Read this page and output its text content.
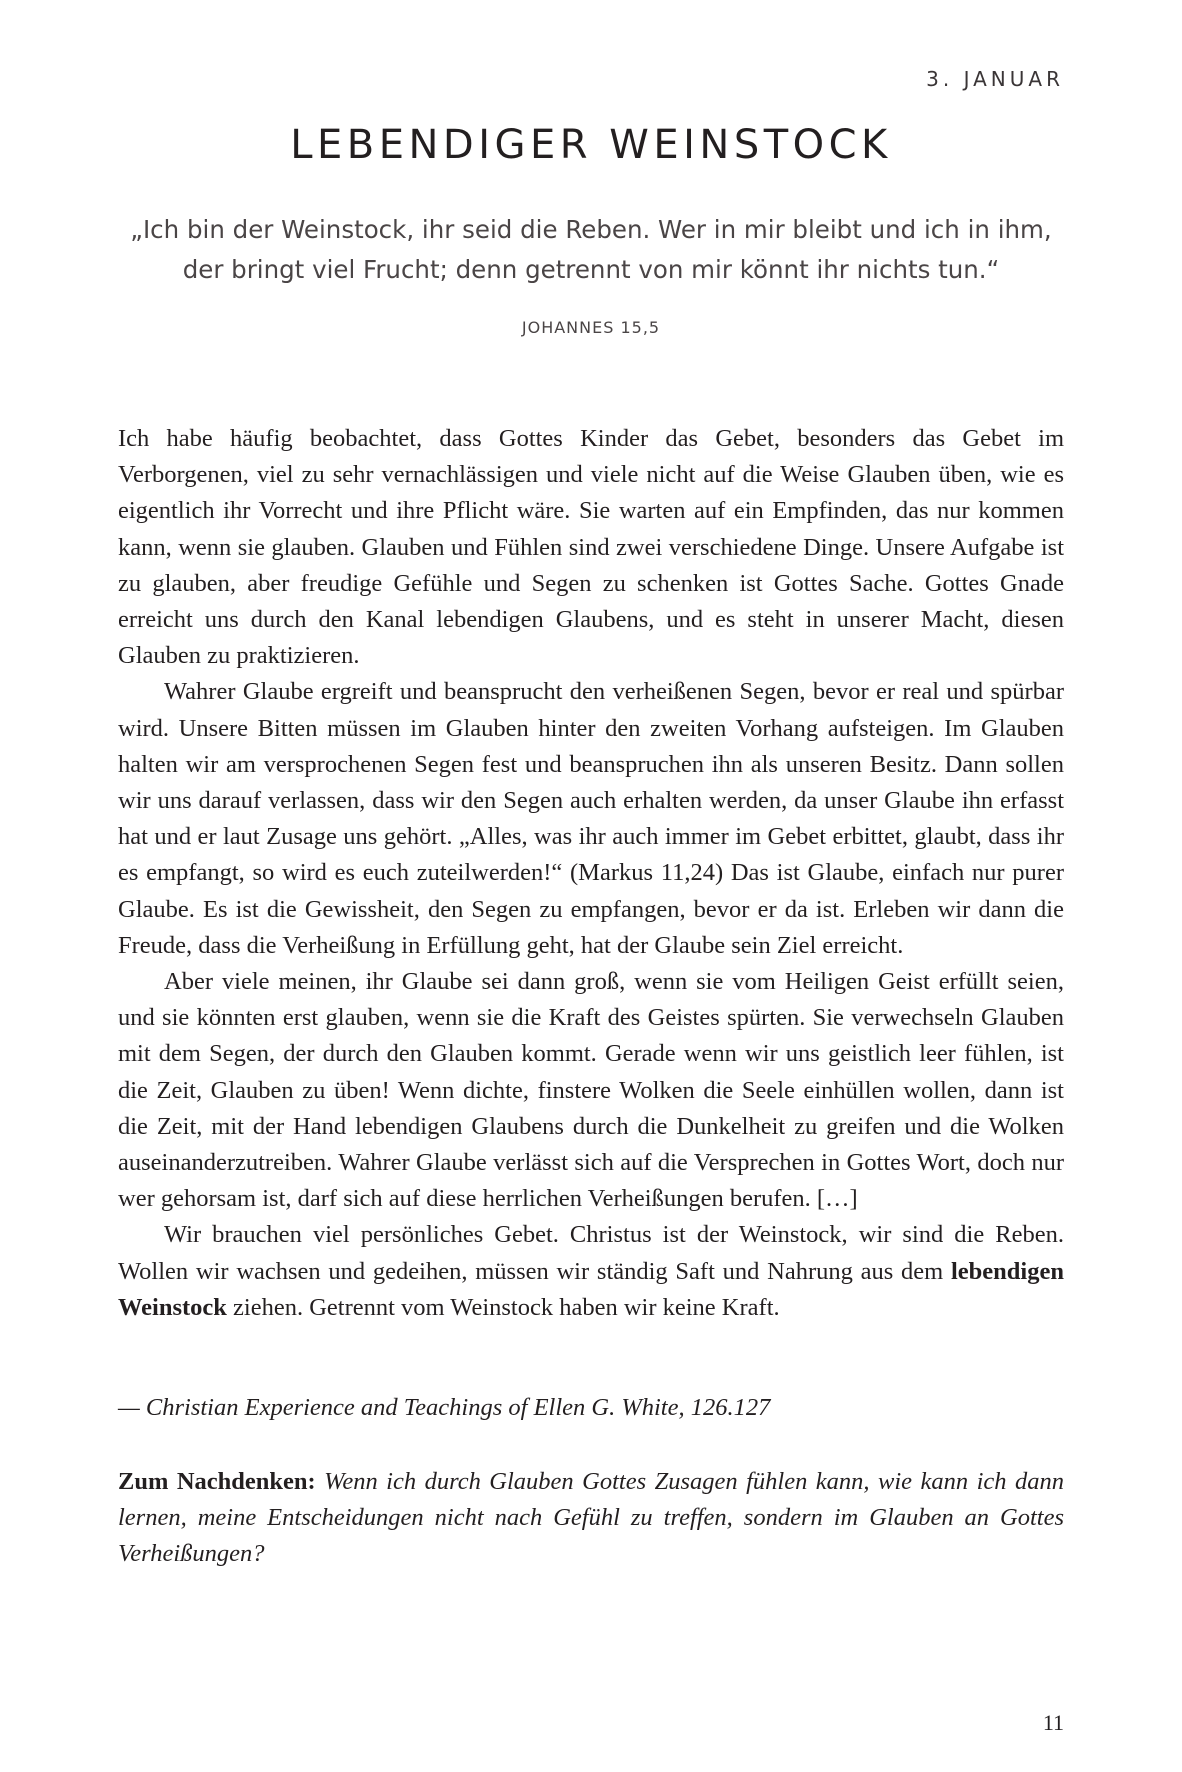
3. JANUAR
LEBENDIGER WEINSTOCK
„Ich bin der Weinstock, ihr seid die Reben. Wer in mir bleibt und ich in ihm, der bringt viel Frucht; denn getrennt von mir könnt ihr nichts tun.“
JOHANNES 15,5

Ich habe häufig beobachtet, dass Gottes Kinder das Gebet, besonders das Gebet im Verborgenen, viel zu sehr vernachlässigen und viele nicht auf die Weise Glauben üben, wie es eigentlich ihr Vorrecht und ihre Pflicht wäre. Sie warten auf ein Empfinden, das nur kommen kann, wenn sie glauben. Glauben und Fühlen sind zwei verschiedene Dinge. Unsere Aufgabe ist zu glauben, aber freudige Gefühle und Segen zu schenken ist Gottes Sache. Gottes Gnade erreicht uns durch den Kanal lebendigen Glaubens, und es steht in unserer Macht, diesen Glauben zu praktizieren.

Wahrer Glaube ergreift und beansprucht den verheißenen Segen, bevor er real und spürbar wird. Unsere Bitten müssen im Glauben hinter den zweiten Vorhang aufsteigen. Im Glauben halten wir am versprochenen Segen fest und beanspruchen ihn als unseren Besitz. Dann sollen wir uns darauf verlassen, dass wir den Segen auch erhalten werden, da unser Glaube ihn erfasst hat und er laut Zusage uns gehört. „Alles, was ihr auch immer im Gebet erbittet, glaubt, dass ihr es empfangt, so wird es euch zuteilwerden!“ (Markus 11,24) Das ist Glaube, einfach nur purer Glaube. Es ist die Gewissheit, den Segen zu empfangen, bevor er da ist. Erleben wir dann die Freude, dass die Verheißung in Erfüllung geht, hat der Glaube sein Ziel erreicht.

Aber viele meinen, ihr Glaube sei dann groß, wenn sie vom Heiligen Geist erfüllt seien, und sie könnten erst glauben, wenn sie die Kraft des Geistes spürten. Sie verwechseln Glauben mit dem Segen, der durch den Glauben kommt. Gerade wenn wir uns geistlich leer fühlen, ist die Zeit, Glauben zu üben! Wenn dichte, finstere Wolken die Seele einhüllen wollen, dann ist die Zeit, mit der Hand lebendigen Glaubens durch die Dunkelheit zu greifen und die Wolken auseinanderzutreiben. Wahrer Glaube verlässt sich auf die Versprechen in Gottes Wort, doch nur wer gehorsam ist, darf sich auf diese herrlichen Verheißungen berufen. […]

Wir brauchen viel persönliches Gebet. Christus ist der Weinstock, wir sind die Reben. Wollen wir wachsen und gedeihen, müssen wir ständig Saft und Nahrung aus dem lebendigen Weinstock ziehen. Getrennt vom Weinstock haben wir keine Kraft.

— Christian Experience and Teachings of Ellen G. White, 126.127
Zum Nachdenken: Wenn ich durch Glauben Gottes Zusagen fühlen kann, wie kann ich dann lernen, meine Entscheidungen nicht nach Gefühl zu treffen, sondern im Glauben an Gottes Verheißungen?
11
